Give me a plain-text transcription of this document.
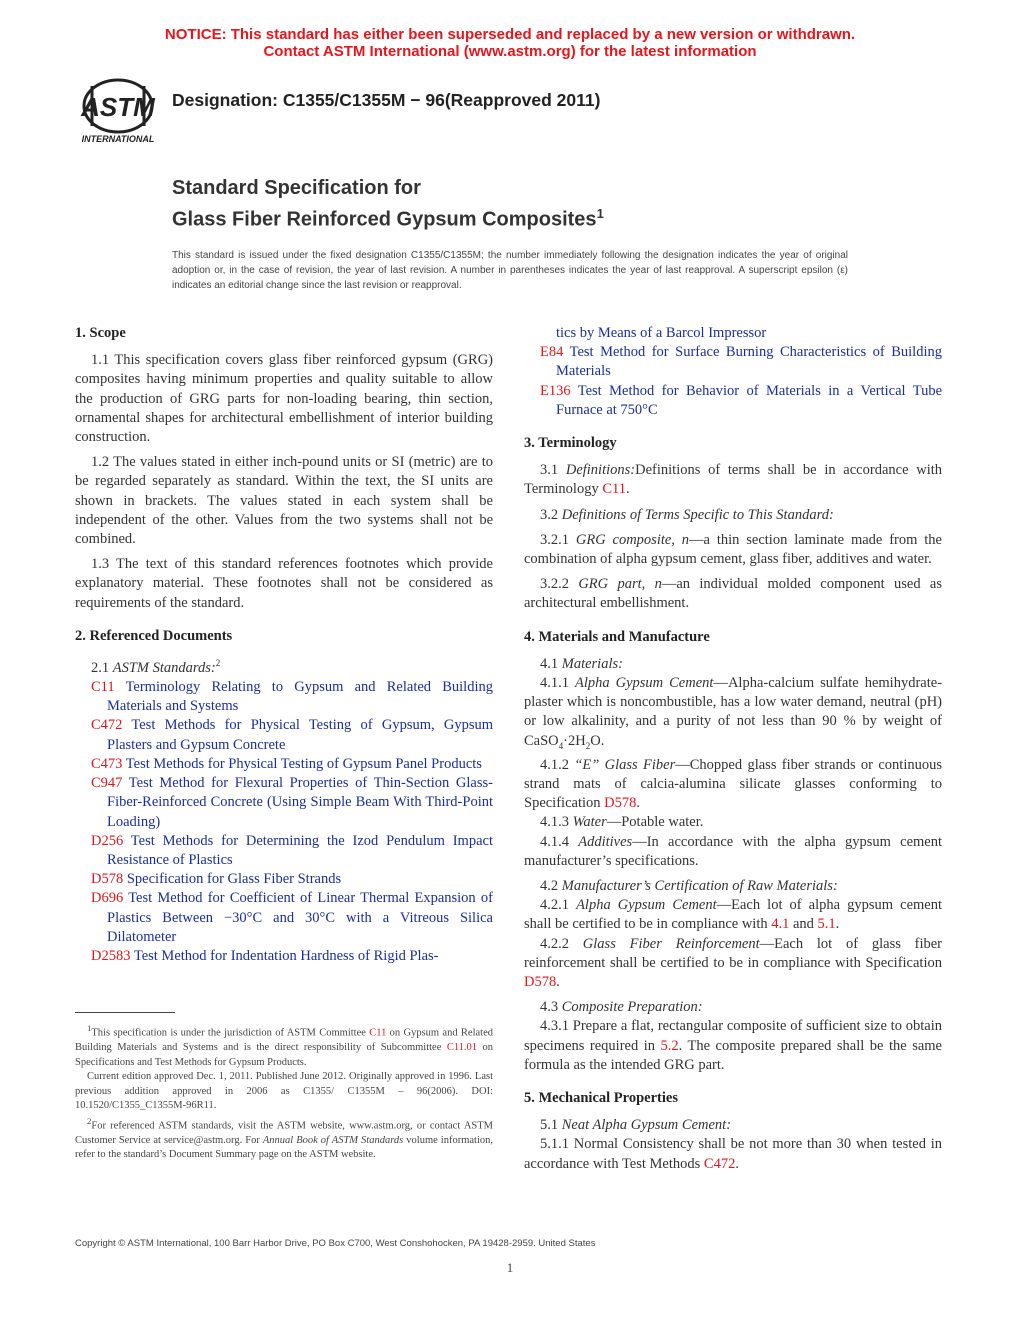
NOTICE: This standard has either been superseded and replaced by a new version or withdrawn.
Contact ASTM International (www.astm.org) for the latest information
ASTM
INTERNATIONAL
Designation: C1355/C1355M − 96(Reapproved 2011)
Standard Specification for
Glass Fiber Reinforced Gypsum Composites$^1$
This standard is issued under the fixed designation C1355/C1355M; the number immediately following the designation indicates the year of original adoption or, in the case of revision, the year of last revision. A number in parentheses indicates the year of last reapproval. A superscript epsilon (ε) indicates an editorial change since the last revision or reapproval.
1. Scope

1.1 This specification covers glass fiber reinforced gypsum (GRG) composites having minimum properties and quality suitable to allow the production of GRG parts for non-loading bearing, thin section, ornamental shapes for architectural embellishment of interior building construction.

1.2 The values stated in either inch-pound units or SI (metric) are to be regarded separately as standard. Within the text, the SI units are shown in brackets. The values stated in each system shall be independent of the other. Values from the two systems shall not be combined.

1.3 The text of this standard references footnotes which provide explanatory material. These footnotes shall not be considered as requirements of the standard.

2. Referenced Documents

2.1 ASTM Standards:$^2$

C11 Terminology Relating to Gypsum and Related Building Materials and Systems
C472 Test Methods for Physical Testing of Gypsum, Gypsum Plasters and Gypsum Concrete
C473 Test Methods for Physical Testing of Gypsum Panel Products
C947 Test Method for Flexural Properties of Thin-Section Glass-Fiber-Reinforced Concrete (Using Simple Beam With Third-Point Loading)
D256 Test Methods for Determining the Izod Pendulum Impact Resistance of Plastics
D578 Specification for Glass Fiber Strands
D696 Test Method for Coefficient of Linear Thermal Expansion of Plastics Between −30°C and 30°C with a Vitreous Silica Dilatometer
D2583 Test Method for Indentation Hardness of Rigid Plas-

$^1$This specification is under the jurisdiction of ASTM Committee C11 on Gypsum and Related Building Materials and Systems and is the direct responsibility of Subcommittee C11.01 on Specifications and Test Methods for Gypsum Products.

Current edition approved Dec. 1, 2011. Published June 2012. Originally approved in 1996. Last previous addition approved in 2006 as C1355/ C1355M – 96(2006). DOI: 10.1520/C1355_C1355M-96R11.

$^2$For referenced ASTM standards, visit the ASTM website, www.astm.org, or contact ASTM Customer Service at service@astm.org. For Annual Book of ASTM Standards volume information, refer to the standard’s Document Summary page on the ASTM website.

tics by Means of a Barcol Impressor
E84 Test Method for Surface Burning Characteristics of Building Materials
E136 Test Method for Behavior of Materials in a Vertical Tube Furnace at 750°C
3. Terminology

3.1 Definitions:Definitions of terms shall be in accordance with Terminology C11.

3.2 Definitions of Terms Specific to This Standard:

3.2.1 GRG composite, n—a thin section laminate made from the combination of alpha gypsum cement, glass fiber, additives and water.

3.2.2 GRG part, n—an individual molded component used as architectural embellishment.

4. Materials and Manufacture

4.1 Materials:

4.1.1 Alpha Gypsum Cement—Alpha-calcium sulfate hemihydrate-plaster which is noncombustible, has a low water demand, neutral (pH) or low alkalinity, and a purity of not less than 90 % by weight of $CaSO_4\cdot 2H_2O$.

4.1.2 “E” Glass Fiber—Chopped glass fiber strands or continuous strand mats of calcia-alumina silicate glasses conforming to Specification D578.

4.1.3 Water—Potable water.

4.1.4 Additives—In accordance with the alpha gypsum cement manufacturer’s specifications.

4.2 Manufacturer’s Certification of Raw Materials:

4.2.1 Alpha Gypsum Cement—Each lot of alpha gypsum cement shall be certified to be in compliance with 4.1 and 5.1.

4.2.2 Glass Fiber Reinforcement—Each lot of glass fiber reinforcement shall be certified to be in compliance with Specification D578.

4.3 Composite Preparation:

4.3.1 Prepare a flat, rectangular composite of sufficient size to obtain specimens required in 5.2. The composite prepared shall be the same formula as the intended GRG part.

5. Mechanical Properties

5.1 Neat Alpha Gypsum Cement:

5.1.1 Normal Consistency shall be not more than 30 when tested in accordance with Test Methods C472.

Copyright © ASTM International, 100 Barr Harbor Drive, PO Box C700, West Conshohocken, PA 19428-2959. United States
1
